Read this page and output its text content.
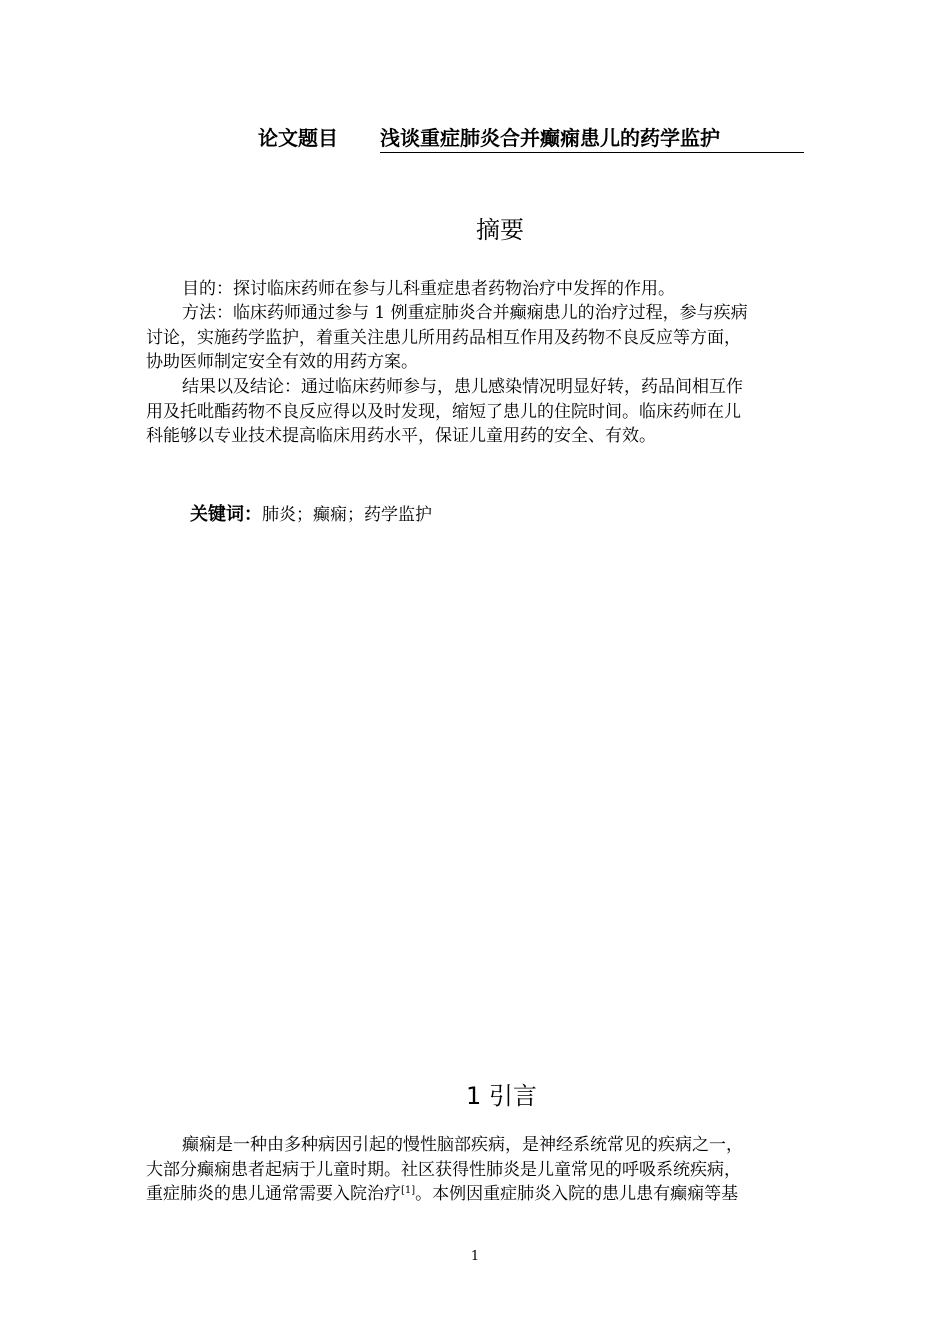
论文题目 浅谈重症肺炎合并癫痫患儿的药学监护
摘要
目的：探讨临床药师在参与儿科重症患者药物治疗中发挥的作用。
方法：临床药师通过参与 1 例重症肺炎合并癫痫患儿的治疗过程，参与疾病
讨论，实施药学监护，着重关注患儿所用药品相互作用及药物不良反应等方面，
协助医师制定安全有效的用药方案。
结果以及结论：通过临床药师参与，患儿感染情况明显好转，药品间相互作
用及托吡酯药物不良反应得以及时发现，缩短了患儿的住院时间。临床药师在儿
科能够以专业技术提高临床用药水平，保证儿童用药的安全、有效。
关键词：肺炎；癫痫；药学监护
1 引言
癫痫是一种由多种病因引起的慢性脑部疾病，是神经系统常见的疾病之一，
大部分癫痫患者起病于儿童时期。社区获得性肺炎是儿童常见的呼吸系统疾病，
重症肺炎的患儿通常需要入院治疗[1]。本例因重症肺炎入院的患儿患有癫痫等基
1
